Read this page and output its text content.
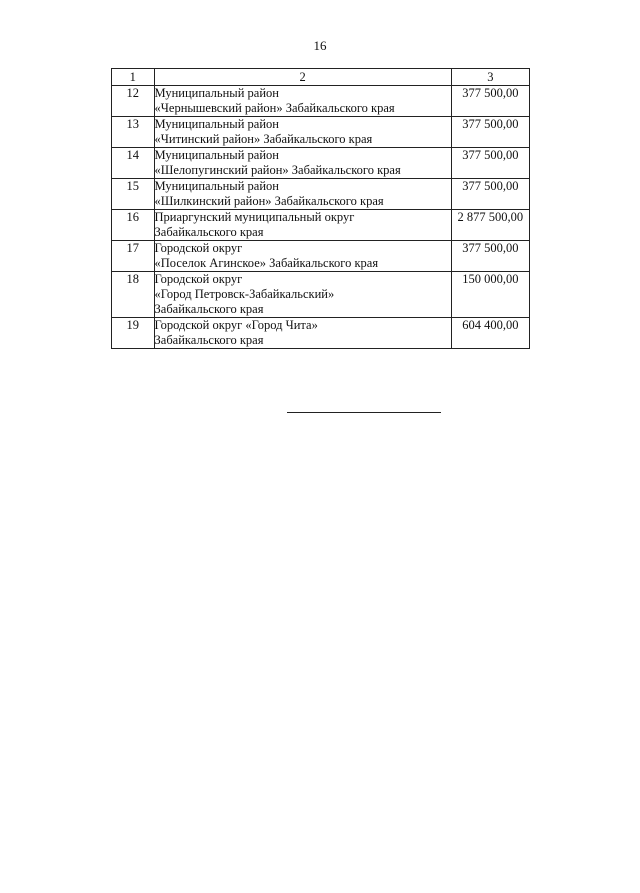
16
1	2	3
12	Муниципальный район
«Чернышевский район» Забайкальского края	377 500,00
13	Муниципальный район
«Читинский район» Забайкальского края	377 500,00
14	Муниципальный район
«Шелопугинский район» Забайкальского края	377 500,00
15	Муниципальный район
«Шилкинский район» Забайкальского края	377 500,00
16	Приаргунский муниципальный округ
Забайкальского края	2 877 500,00
17	Городской округ
«Поселок Агинское» Забайкальского края	377 500,00
18	Городской округ
«Город Петровск-Забайкальский»
Забайкальского края	150 000,00
19	Городской округ «Город Чита»
Забайкальского края	604 400,00
